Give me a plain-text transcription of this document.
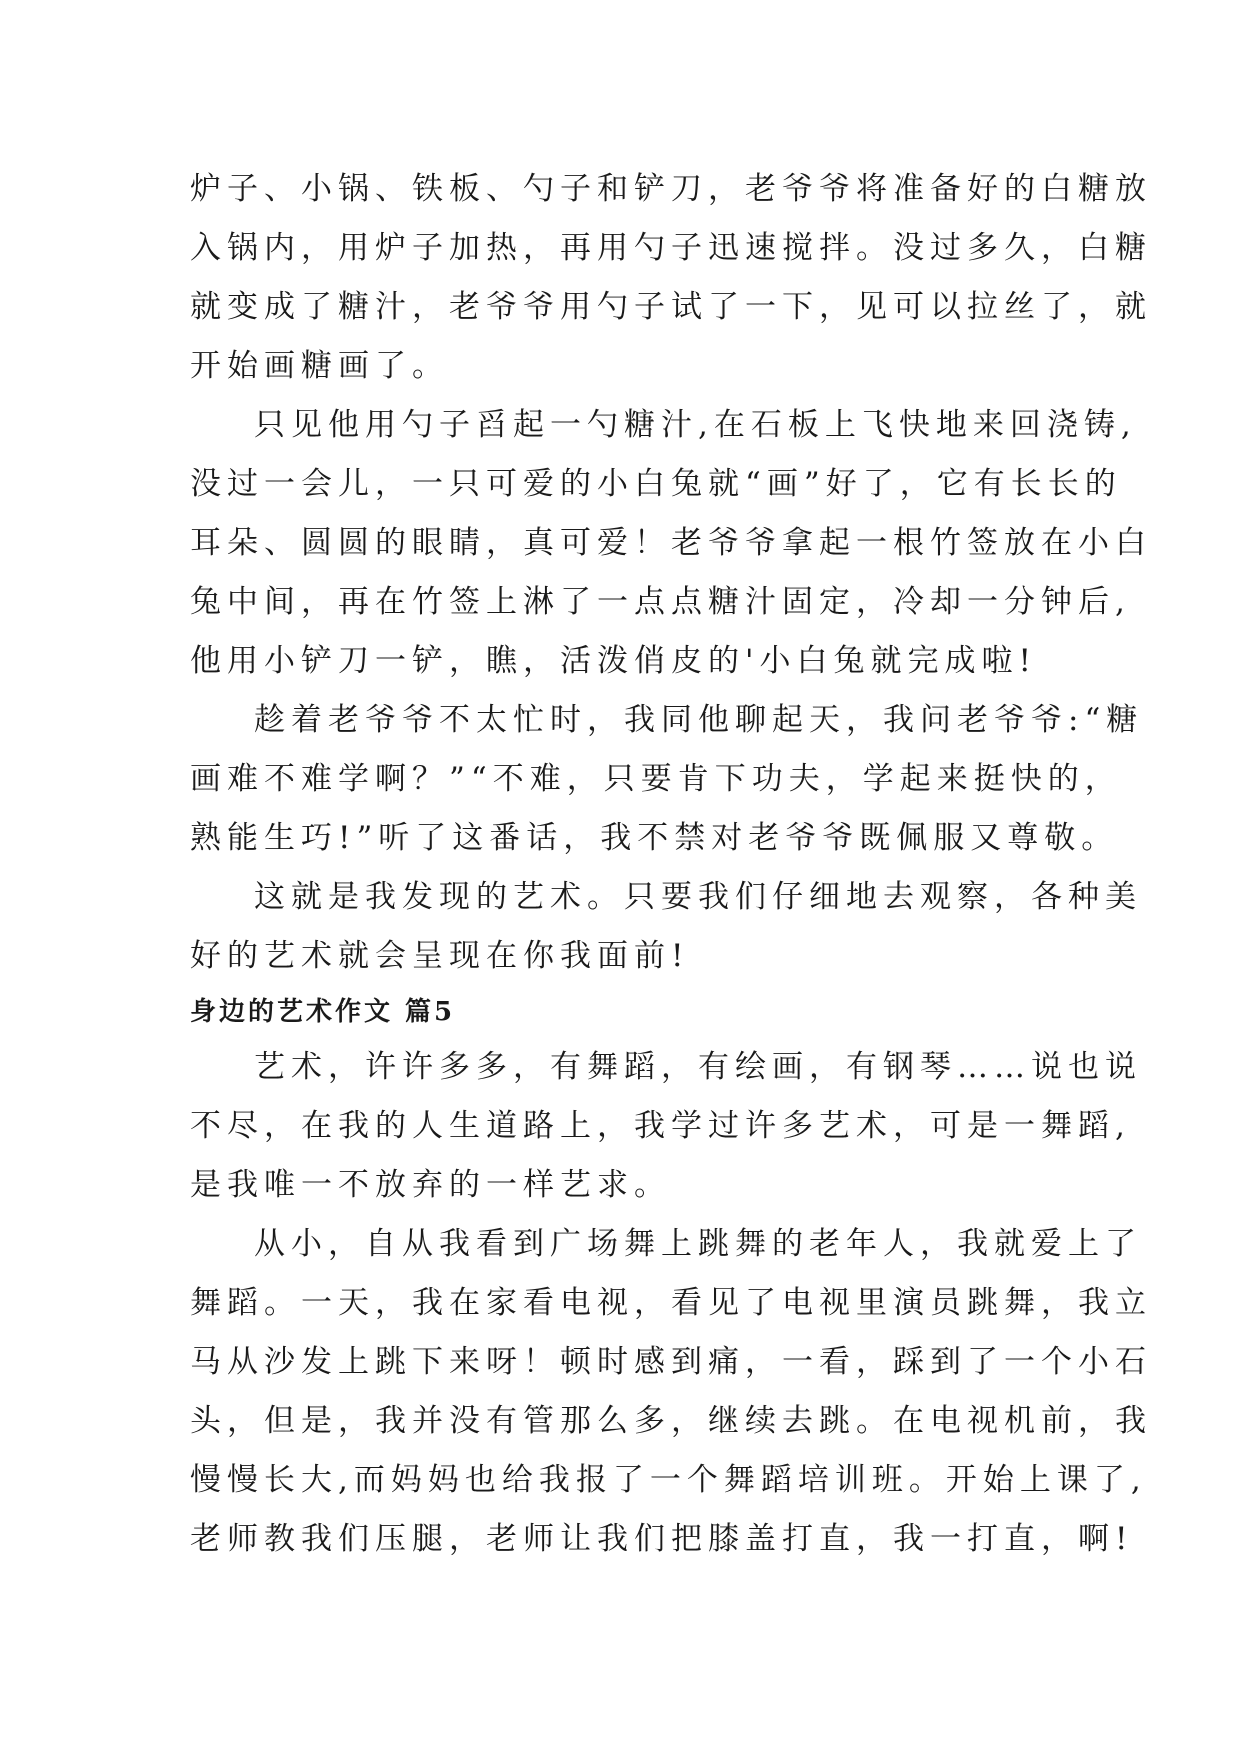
炉子、小锅、铁板、勺子和铲刀，老爷爷将准备好的白糖放
入锅内，用炉子加热，再用勺子迅速搅拌。没过多久，白糖
就变成了糖汁，老爷爷用勺子试了一下，见可以拉丝了，就
开始画糖画了。

只见他用勺子舀起一勺糖汁,在石板上飞快地来回浇铸,
没过一会儿，一只可爱的小白兔就“画”好了，它有长长的
耳朵、圆圆的眼睛，真可爱！老爷爷拿起一根竹签放在小白
兔中间，再在竹签上淋了一点点糖汁固定，冷却一分钟后,
他用小铲刀一铲，瞧，活泼俏皮的'小白兔就完成啦!

趁着老爷爷不太忙时，我同他聊起天，我问老爷爷:“糖
画难不难学啊？”“不难，只要肯下功夫，学起来挺快的，
熟能生巧!”听了这番话，我不禁对老爷爷既佩服又尊敬。

这就是我发现的艺术。只要我们仔细地去观察，各种美
好的艺术就会呈现在你我面前!

身边的艺术作文 篇5

艺术，许许多多，有舞蹈，有绘画，有钢琴……说也说
不尽，在我的人生道路上，我学过许多艺术，可是一舞蹈,
是我唯一不放弃的一样艺求。

从小，自从我看到广场舞上跳舞的老年人，我就爱上了
舞蹈。一天，我在家看电视，看见了电视里演员跳舞，我立
马从沙发上跳下来呀！顿时感到痛，一看，踩到了一个小石
头，但是，我并没有管那么多，继续去跳。在电视机前，我
慢慢长大,而妈妈也给我报了一个舞蹈培训班。开始上课了,
老师教我们压腿，老师让我们把膝盖打直，我一打直，啊!
